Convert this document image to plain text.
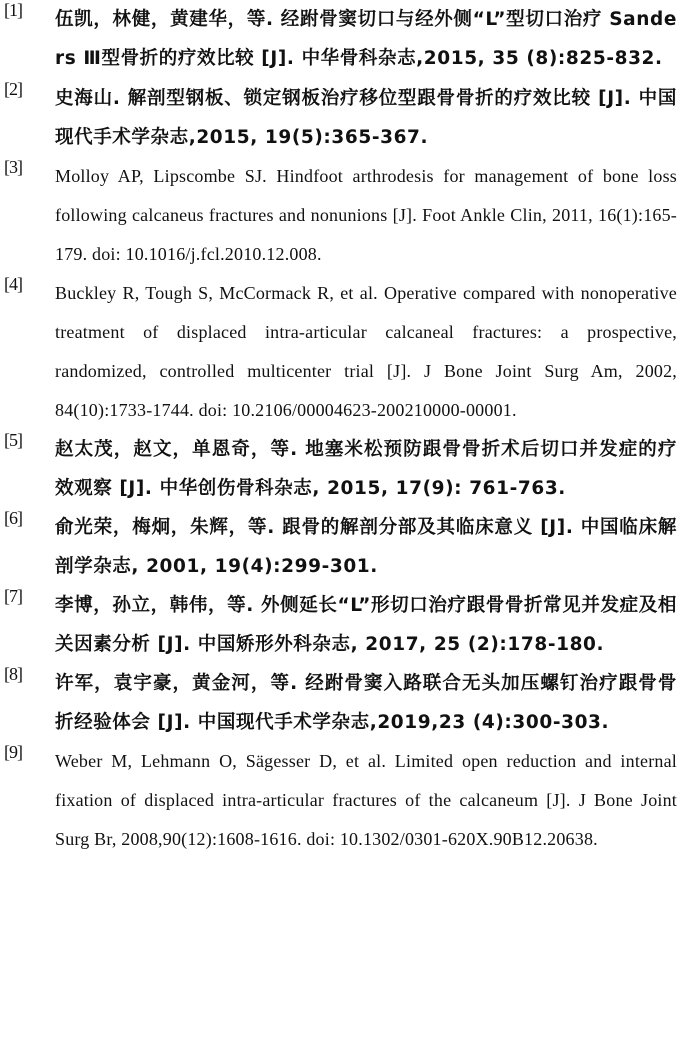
[1] 伍凯，林健，黄建华，等. 经跗骨窦切口与经外侧“L”型切口治疗 Sanders Ⅲ型骨折的疗效比较 [J]. 中华骨科杂志,2015, 35 (8):825-832.
[2] 史海山. 解剖型钢板、锁定钢板治疗移位型跟骨骨折的疗效比较 [J]. 中国现代手术学杂志,2015, 19(5):365-367.
[3] Molloy AP, Lipscombe SJ. Hindfoot arthrodesis for management of bone loss following calcaneus fractures and nonunions [J]. Foot Ankle Clin, 2011, 16(1):165-179. doi: 10.1016/j.fcl.2010.12.008.
[4] Buckley R, Tough S, McCormack R, et al. Operative compared with nonoperative treatment of displaced intra-articular calcaneal fractures: a prospective, randomized, controlled multicenter trial [J]. J Bone Joint Surg Am, 2002, 84(10):1733-1744. doi: 10.2106/00004623-200210000-00001.
[5] 赵太茂，赵文，单恩奇，等. 地塞米松预防跟骨骨折术后切口并发症的疗效观察 [J]. 中华创伤骨科杂志, 2015, 17(9): 761-763.
[6] 俞光荣，梅炯，朱辉，等. 跟骨的解剖分部及其临床意义 [J]. 中国临床解剖学杂志, 2001, 19(4):299-301.
[7] 李博，孙立，韩伟，等. 外侧延长“L”形切口治疗跟骨骨折常见并发症及相关因素分析 [J]. 中国矫形外科杂志, 2017, 25 (2):178-180.
[8] 许军，袁宇豪，黄金河，等. 经跗骨窦入路联合无头加压螺钉治疗跟骨骨折经验体会 [J]. 中国现代手术学杂志,2019,23 (4):300-303.
[9] Weber M, Lehmann O, Sägesser D, et al. Limited open reduction and internal fixation of displaced intra-articular fractures of the calcaneum [J]. J Bone Joint Surg Br, 2008,90(12):1608-1616. doi: 10.1302/0301-620X.90B12.20638.
